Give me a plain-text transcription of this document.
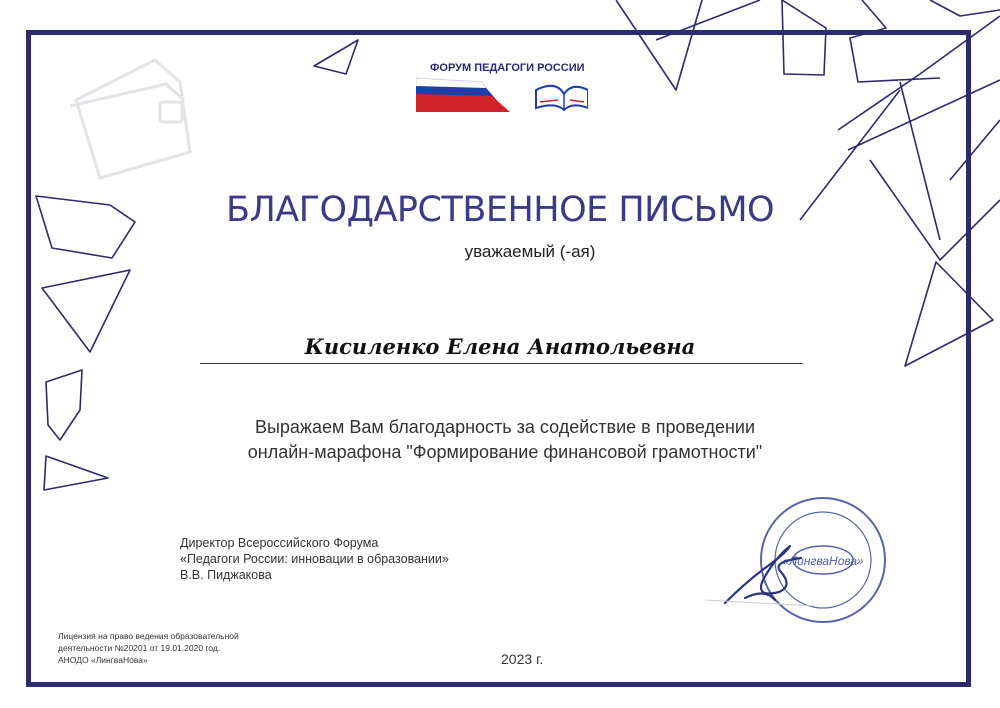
ФОРУМ ПЕДАГОГИ РОССИИ
БЛАГОДАРСТВЕННОЕ ПИСЬМО
уважаемый (-ая)
Кисиленко Елена Анатольевна
Выражаем Вам благодарность за содействие в проведении
онлайн-марафона "Формирование финансовой грамотности"
Директор Всероссийского Форума
«Педагоги России: инновации в образовании»
В.В. Пиджакова
Лицензия на право ведения образовательной
деятельности №20201 от 19.01.2020 год.
АНОДО «ЛингваНова»	2023 г.
«ЛингваНова»
